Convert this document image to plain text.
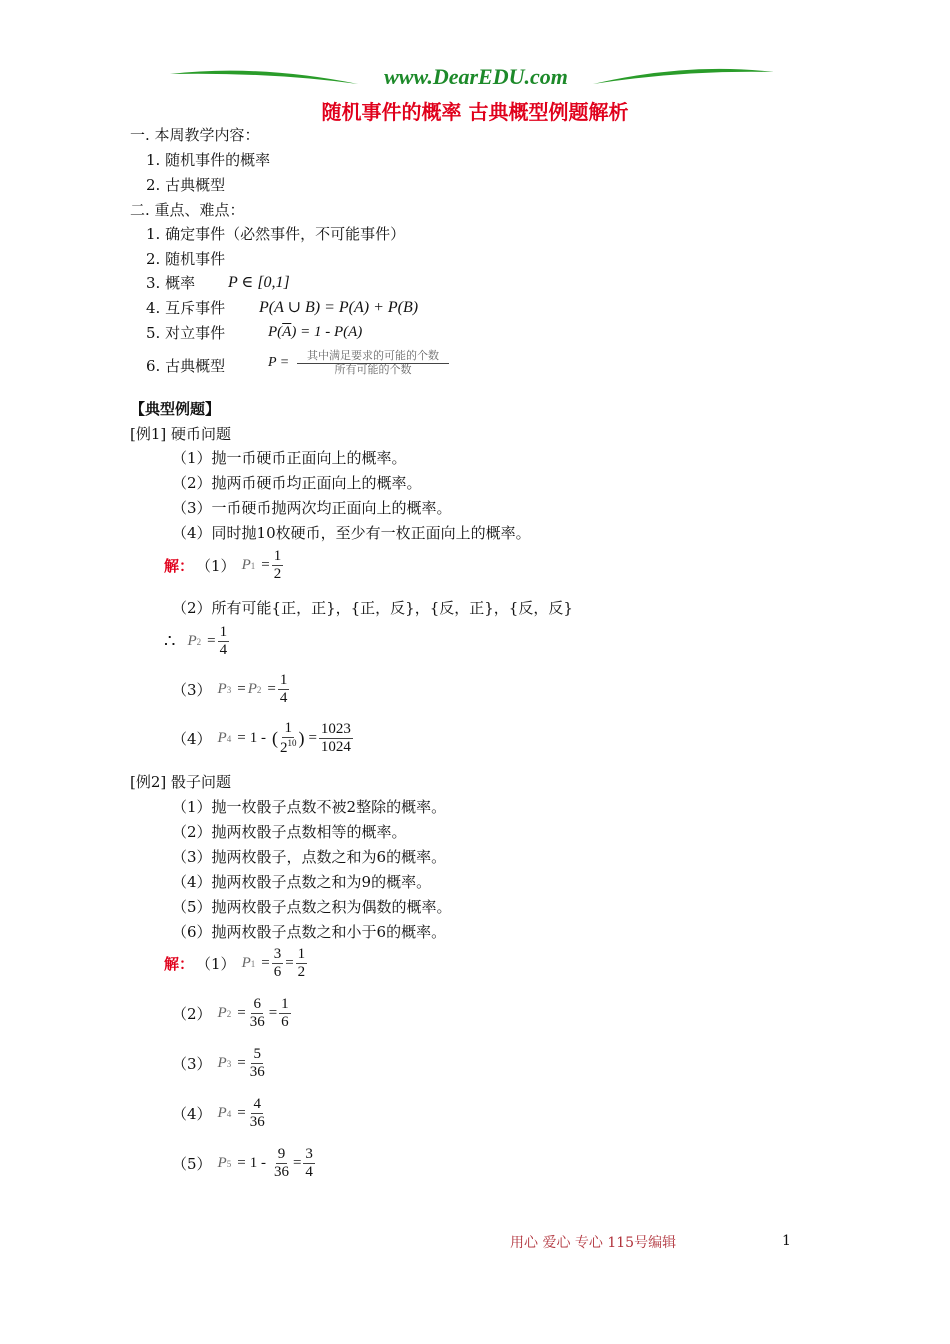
www.DearEDU.com
随机事件的概率 古典概型例题解析
一. 本周教学内容：
1. 随机事件的概率
2. 古典概型
二. 重点、难点：
1. 确定事件（必然事件，不可能事件）
2. 随机事件
3. 概率 P ∈ [0,1]
4. 互斥事件 P(A ∪ B) = P(A) + P(B)
5. 对立事件	$P(\overline{A}) = 1 - P(A)$
6. 古典概型	$P = \frac{\text{其中满足要求的可能的个数}}{\text{所有可能的个数}}$
【典型例题】
[例1] 硬币问题
（1）抛一币硬币正面向上的概率。
（2）抛两币硬币均正面向上的概率。
（3）一币硬币抛两次均正面向上的概率。
（4）同时抛10枚硬币，至少有一枚正面向上的概率。
解： （1） P $1 = \frac{1}{2}$
（2）所有可能{正，正}，{正，反}，{反，正}，{反，反}
∴ P $2 = \frac{1}{4}$
（3） P 3 = P $2 = \frac{1}{4}$
（4） P 4 = 1 - ( $\frac{1}{2^{10}}$ ) = $\frac{1023}{1024}$
[例2] 骰子问题
（1）抛一枚骰子点数不被2整除的概率。
（2）抛两枚骰子点数相等的概率。
（3）抛两枚骰子，点数之和为6的概率。
（4）抛两枚骰子点数之和为9的概率。
（5）抛两枚骰子点数之积为偶数的概率。
（6）抛两枚骰子点数之和小于6的概率。
解： （1） P $1 = \frac{3}{6} = \frac{1}{2}$
（2） P $2 = \frac{6}{36} = \frac{1}{6}$
（3） P $3 = \frac{5}{36}$
（4） P $4 = \frac{4}{36}$
（5） P $5 = 1 - \frac{9}{36} = \frac{3}{4}$
用心 爱心 专心 115号编辑	1
